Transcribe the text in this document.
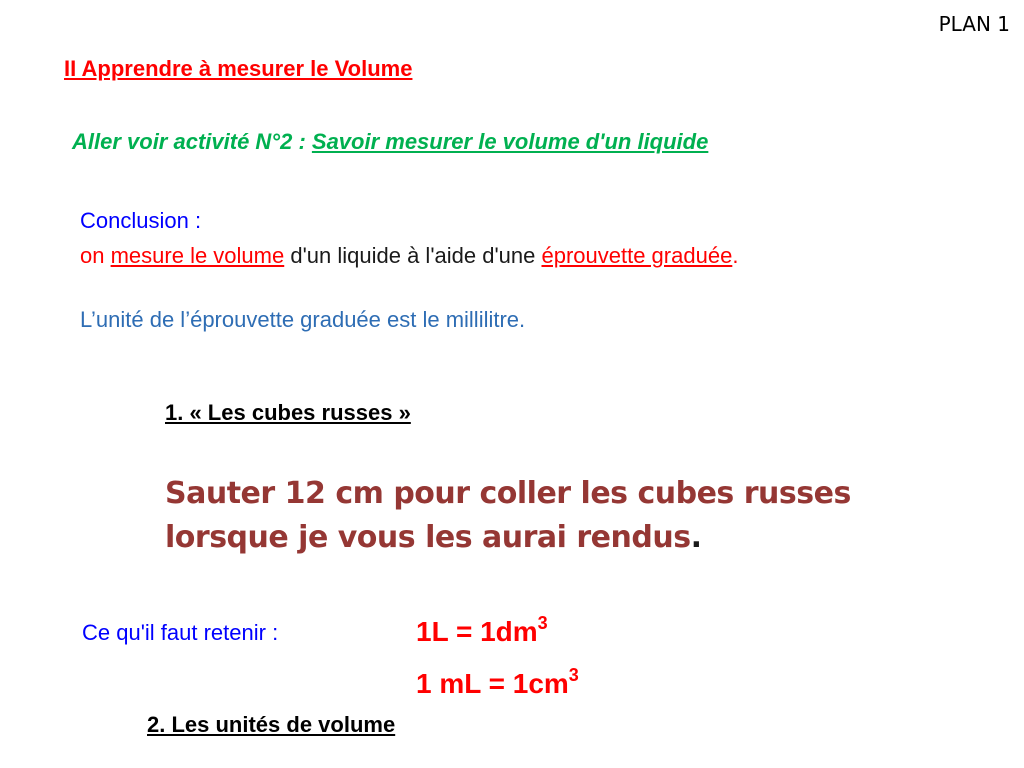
PLAN 1
II Apprendre à mesurer le Volume
Aller voir activité N°2 : Savoir mesurer le volume d'un liquide
Conclusion :
on mesure le volume d'un liquide à l'aide d'une éprouvette graduée.
L’unité de l’éprouvette graduée est le millilitre.
1. « Les cubes russes »
Sauter 12 cm pour coller les cubes russes
lorsque je vous les aurai rendus.
Ce qu'il faut retenir :	$1L = 1dm^3$
1 mL = $1cm^3$
2. Les unités de volume
